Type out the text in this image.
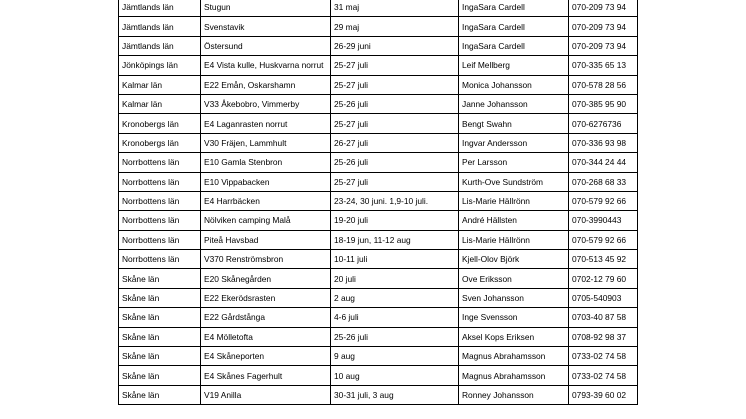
Jämtlands län	Stugun	31 maj	IngaSara Cardell	070-209 73 94
Jämtlands län	Svenstavik	29 maj	IngaSara Cardell	070-209 73 94
Jämtlands län	Östersund	26-29 juni	IngaSara Cardell	070-209 73 94
Jönköpings län	E4 Vista kulle, Huskvarna norrut	25-27 juli	Leif Mellberg	070-335 65 13
Kalmar län	E22 Emån, Oskarshamn	25-27 juli	Monica Johansson	070-578 28 56
Kalmar län	V33 Åkebobro, Vimmerby	25-26 juli	Janne Johansson	070-385 95 90
Kronobergs län	E4 Laganrasten norrut	25-27 juli	Bengt Swahn	070-6276736
Kronobergs län	V30 Fräjen, Lammhult	26-27 juli	Ingvar Andersson	070-336 93 98
Norrbottens län	E10 Gamla Stenbron	25-26 juli	Per Larsson	070-344 24 44
Norrbottens län	E10 Vippabacken	25-27 juli	Kurth-Ove Sundström	070-268 68 33
Norrbottens län	E4 Harrbäcken	23-24, 30 juni. 1,9-10 juli.	Lis-Marie Hällrönn	070-579 92 66
Norrbottens län	Nölviken camping Malå	19-20 juli	André Hällsten	070-3990443
Norrbottens län	Piteå Havsbad	18-19 jun, 11-12 aug	Lis-Marie Hällrönn	070-579 92 66
Norrbottens län	V370 Renströmsbron	10-11 juli	Kjell-Olov Björk	070-513 45 92
Skåne län	E20 Skånegården	20 juli	Ove Eriksson	0702-12 79 60
Skåne län	E22 Ekerödsrasten	2 aug	Sven Johansson	0705-540903
Skåne län	E22 Gårdstånga	4-6 juli	Inge Svensson	0703-40 87 58
Skåne län	E4 Mölletofta	25-26 juli	Aksel Kops Eriksen	0708-92 98 37
Skåne län	E4 Skåneporten	9 aug	Magnus Abrahamsson	0733-02 74 58
Skåne län	E4 Skånes Fagerhult	10 aug	Magnus Abrahamsson	0733-02 74 58
Skåne län	V19 Anilla	30-31 juli, 3 aug	Ronney Johansson	0793-39 60 02
